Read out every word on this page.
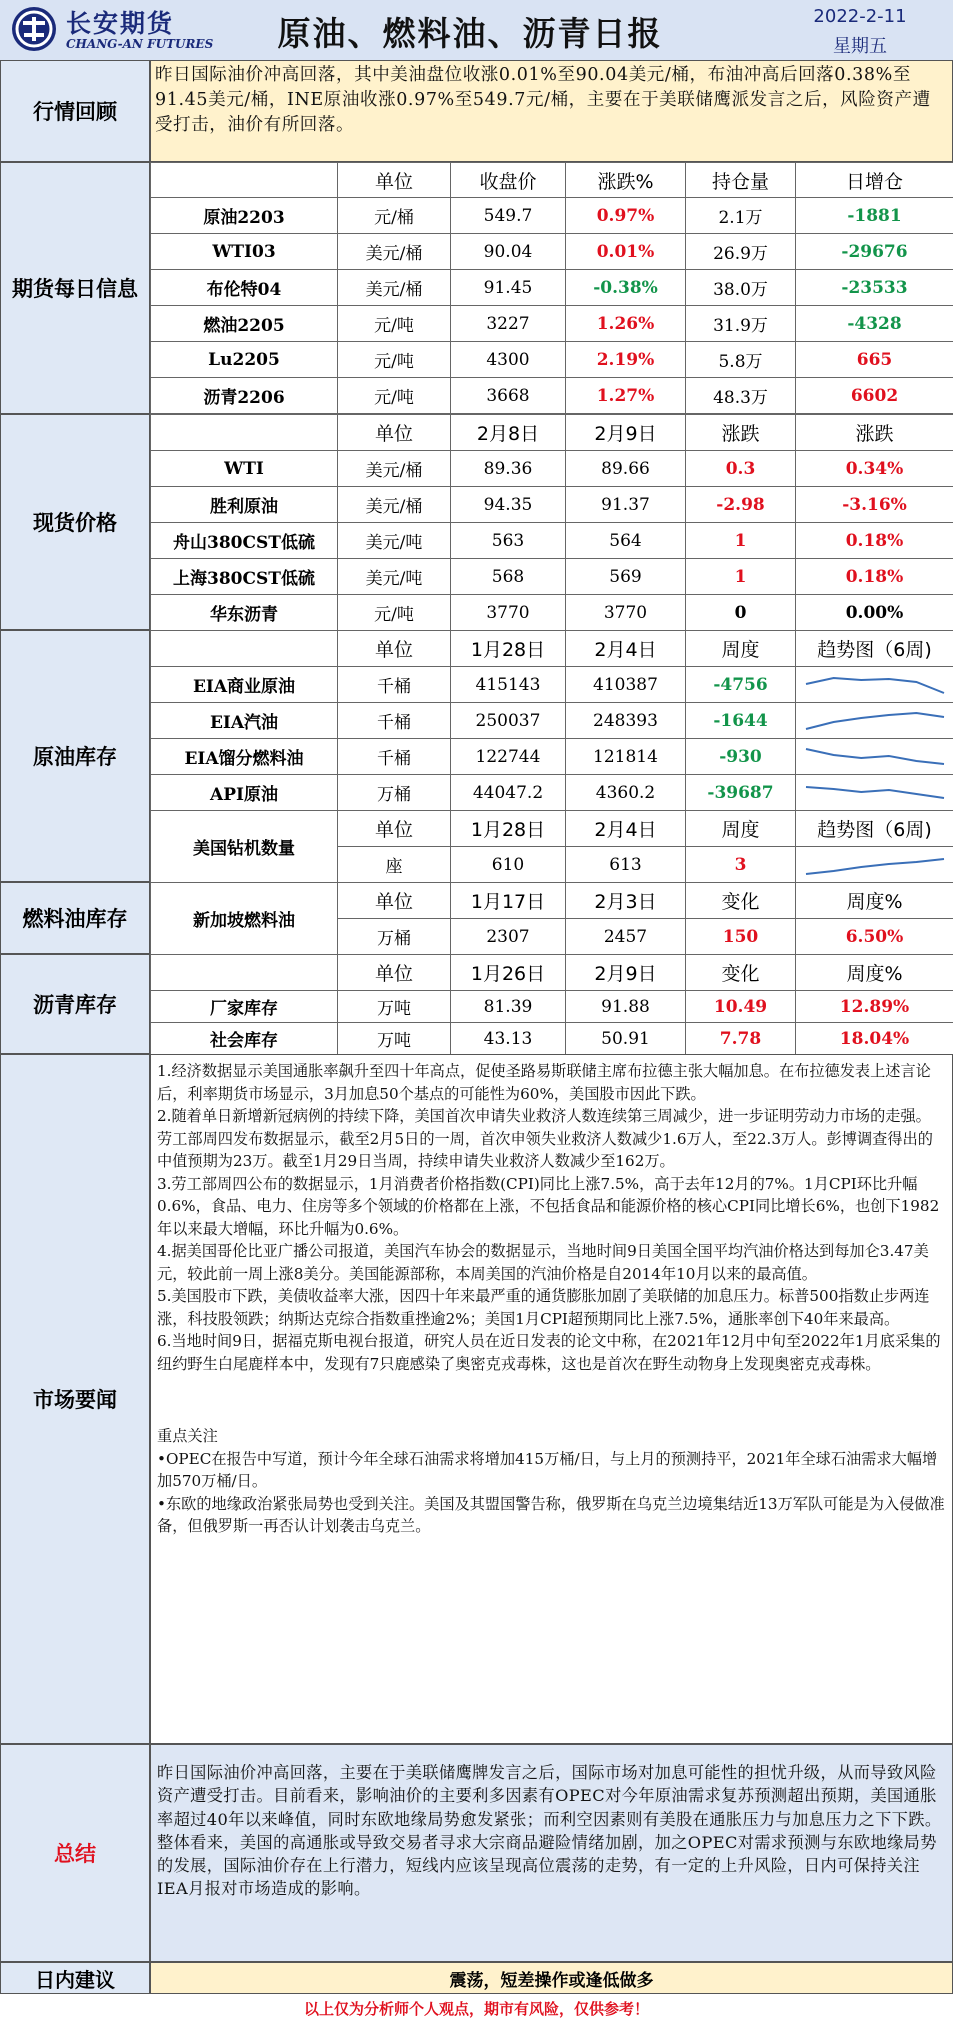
长安期货
CHANG-AN FUTURES	原油、燃料油、沥青日报	2022-2-11
星期五
行情回顾
昨日国际油价冲高回落，其中美油盘位收涨0.01%至90.04美元/桶，布油冲高后回落0.38%至91.45美元/桶，INE原油收涨0.97%至549.7元/桶，主要在于美联储鹰派发言之后，风险资产遭受打击，油价有所回落。
期货每日信息
	单位	收盘价	涨跌%	持仓量	日增仓
原油2203	元/桶	549.7	0.97%	2.1万	-1881
WTI03	美元/桶	90.04	0.01%	26.9万	-29676
布伦特04	美元/桶	91.45	-0.38%	38.0万	-23533
燃油2205	元/吨	3227	1.26%	31.9万	-4328
Lu2205	元/吨	4300	2.19%	5.8万	665
沥青2206	元/吨	3668	1.27%	48.3万	6602
现货价格
	单位	2月8日	2月9日	涨跌	涨跌
WTI	美元/桶	89.36	89.66	0.3	0.34%
胜利原油	美元/桶	94.35	91.37	-2.98	-3.16%
舟山380CST低硫	美元/吨	563	564	1	0.18%
上海380CST低硫	美元/吨	568	569	1	0.18%
华东沥青	元/吨	3770	3770	0	0.00%
原油库存
	单位	1月28日	2月4日	周度	趋势图（6周)
EIA商业原油	千桶	415143	410387	-4756	

EIA汽油	千桶	250037	248393	-1644	

EIA馏分燃料油	千桶	122744	121814	-930	

API原油	万桶	44047.2	4360.2	-39687	

美国钻机数量	单位	1月28日	2月4日	周度	趋势图（6周)
	座	610	613	3	
燃料油库存	新加坡燃料油	单位	1月17日	2月3日	变化	周度%
	万桶	2307	2457	150	6.50%
沥青库存
	单位	1月26日	2月9日	变化	周度%
厂家库存	万吨	81.39	91.88	10.49	12.89%
社会库存	万吨	43.13	50.91	7.78	18.04%
市场要闻

1.经济数据显示美国通胀率飙升至四十年高点，促使圣路易斯联储主席布拉德主张大幅加息。在布拉德发表上述言论后，利率期货市场显示，3月加息50个基点的可能性为60%，美国股市因此下跌。

2.随着单日新增新冠病例的持续下降，美国首次申请失业救济人数连续第三周减少，进一步证明劳动力市场的走强。劳工部周四发布数据显示，截至2月5日的一周，首次申领失业救济人数减少1.6万人，至22.3万人。彭博调查得出的中值预期为23万。截至1月29日当周，持续申请失业救济人数减少至162万。

3.劳工部周四公布的数据显示，1月消费者价格指数(CPI)同比上涨7.5%，高于去年12月的7%。1月CPI环比升幅0.6%，食品、电力、住房等多个领域的价格都在上涨，不包括食品和能源价格的核心CPI同比增长6%，也创下1982年以来最大增幅，环比升幅为0.6%。

4.据美国哥伦比亚广播公司报道，美国汽车协会的数据显示，当地时间9日美国全国平均汽油价格达到每加仑3.47美元，较此前一周上涨8美分。美国能源部称，本周美国的汽油价格是自2014年10月以来的最高值。

5.美国股市下跌，美债收益率大涨，因四十年来最严重的通货膨胀加剧了美联储的加息压力。标普500指数止步两连涨，科技股领跌；纳斯达克综合指数重挫逾2%；美国1月CPI超预期同比上涨7.5%，通胀率创下40年来最高。

6.当地时间9日，据福克斯电视台报道，研究人员在近日发表的论文中称，在2021年12月中旬至2022年1月底采集的纽约野生白尾鹿样本中，发现有7只鹿感染了奥密克戎毒株，这也是首次在野生动物身上发现奥密克戎毒株。

重点关注

•OPEC在报告中写道，预计今年全球石油需求将增加415万桶/日，与上月的预测持平，2021年全球石油需求大幅增加570万桶/日。

•东欧的地缘政治紧张局势也受到关注。美国及其盟国警告称，俄罗斯在乌克兰边境集结近13万军队可能是为入侵做准备，但俄罗斯一再否认计划袭击乌克兰。

总结
昨日国际油价冲高回落，主要在于美联储鹰牌发言之后，国际市场对加息可能性的担忧升级，从而导致风险资产遭受打击。目前看来，影响油价的主要利多因素有OPEC对今年原油需求复苏预测超出预期，美国通胀率超过40年以来峰值，同时东欧地缘局势愈发紧张；而利空因素则有美股在通胀压力与加息压力之下下跌。整体看来，美国的高通胀或导致交易者寻求大宗商品避险情绪加剧，加之OPEC对需求预测与东欧地缘局势的发展，国际油价存在上行潜力，短线内应该呈现高位震荡的走势，有一定的上升风险，日内可保持关注IEA月报对市场造成的影响。
日内建议	震荡，短差操作或逢低做多
以上仅为分析师个人观点，期市有风险，仅供参考！
